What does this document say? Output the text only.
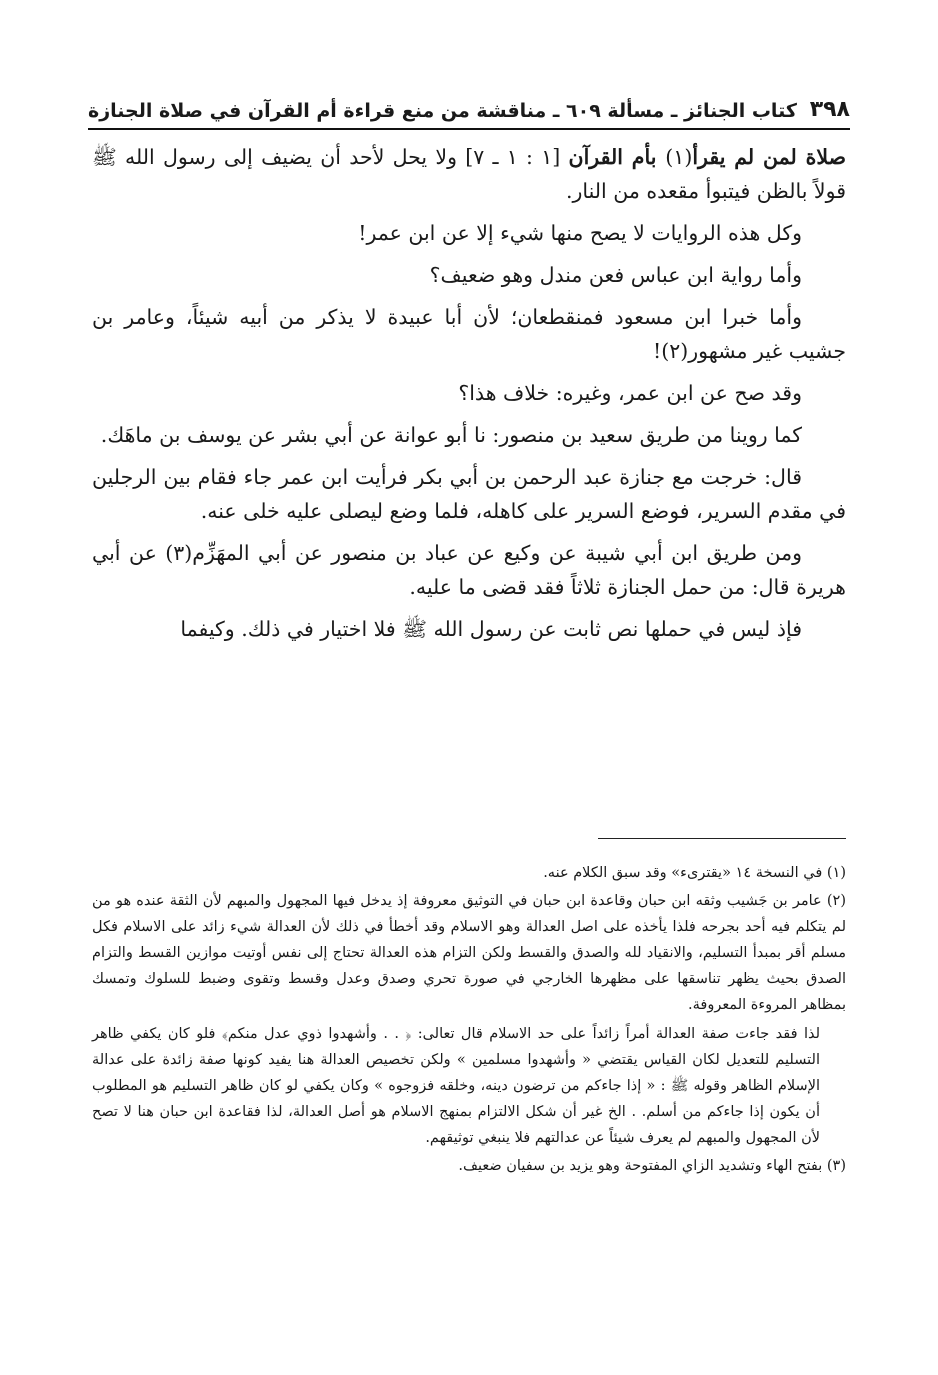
٣٩٨
كتاب الجنائز ـ مسألة ٦٠٩ ـ مناقشة من منع قراءة أم القرآن في صلاة الجنازة

صلاة لمن لم يقرأ(١) بأم القرآن [١ : ١ ـ ٧] ولا يحل لأحد أن يضيف إلى رسول الله ﷺ قولاً بالظن فيتبوأ مقعده من النار.

وكل هذه الروايات لا يصح منها شيء إلا عن ابن عمر!

وأما رواية ابن عباس فعن مندل وهو ضعيف؟

وأما خبرا ابن مسعود فمنقطعان؛ لأن أبا عبيدة لا يذكر من أبيه شيئاً، وعامر بن جشيب غير مشهور(٢)!

وقد صح عن ابن عمر، وغيره: خلاف هذا؟

كما روينا من طريق سعيد بن منصور: نا أبو عوانة عن أبي بشر عن يوسف بن ماهَك.

قال: خرجت مع جنازة عبد الرحمن بن أبي بكر فرأيت ابن عمر جاء فقام بين الرجلين في مقدم السرير، فوضع السرير على كاهله، فلما وضع ليصلى عليه خلى عنه.

ومن طريق ابن أبي شيبة عن وكيع عن عباد بن منصور عن أبي المهَزِّم(٣) عن أبي هريرة قال: من حمل الجنازة ثلاثاً فقد قضى ما عليه.

فإذ ليس في حملها نص ثابت عن رسول الله ﷺ فلا اختيار في ذلك. وكيفما

(١) في النسخة ١٤ «يقترىء» وقد سبق الكلام عنه.

(٢) عامر بن جَشيب وثقه ابن حبان وقاعدة ابن حبان في التوثيق معروفة إذ يدخل فيها المجهول والمبهم لأن الثقة عنده هو من لم يتكلم فيه أحد بجرحه فلذا يأخذه على اصل العدالة وهو الاسلام وقد أخطأ في ذلك لأن العدالة شيء زائد على الاسلام فكل مسلم أقر بمبدأ التسليم، والانقياد لله والصدق والقسط ولكن التزام هذه العدالة تحتاج إلى نفس أوتيت موازين القسط والتزام الصدق بحيث يظهر تناسقها على مظهرها الخارجي في صورة تحري وصدق وعدل وقسط وتقوى وضبط للسلوك وتمسك بمظاهر المروءة المعروفة.

لذا فقد جاءت صفة العدالة أمراً زائداً على حد الاسلام قال تعالى: ﴿ . . وأشهدوا ذوي عدل منكم﴾ فلو كان يكفي ظاهر التسليم للتعديل لكان القياس يقتضي « وأشهدوا مسلمين » ولكن تخصيص العدالة هنا يفيد كونها صفة زائدة على عدالة الإسلام الظاهر وقوله ﷺ : « إذا جاءكم من ترضون دينه، وخلقه فزوجوه » وكان يكفي لو كان ظاهر التسليم هو المطلوب أن يكون إذا جاءكم من أسلم. . الخ غير أن شكل الالتزام بمنهج الاسلام هو أصل العدالة، لذا فقاعدة ابن حبان هنا لا تصح لأن المجهول والمبهم لم يعرف شيئاً عن عدالتهم فلا ينبغي توثيقهم.

(٣) بفتح الهاء وتشديد الزاي المفتوحة وهو يزيد بن سفيان ضعيف.
